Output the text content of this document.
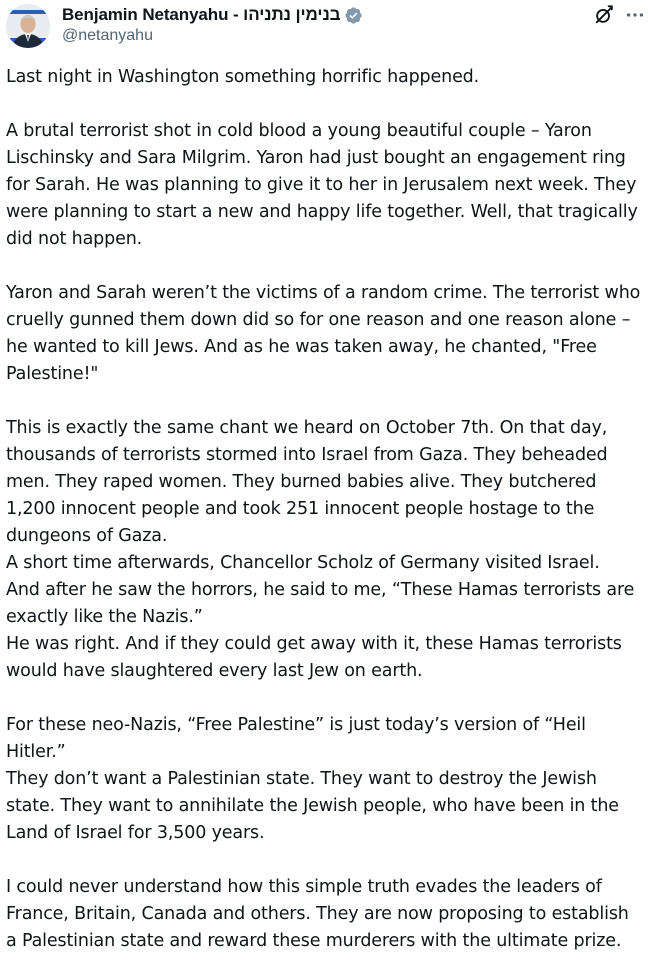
Benjamin Netanyahu - בנימין נתניהו
@netanyahu

Last night in Washington something horrific happened.

A brutal terrorist shot in cold blood a young beautiful couple – Yaron
Lischinsky and Sara Milgrim. Yaron had just bought an engagement ring
for Sarah. He was planning to give it to her in Jerusalem next week. They
were planning to start a new and happy life together. Well, that tragically
did not happen.

Yaron and Sarah weren’t the victims of a random crime. The terrorist who
cruelly gunned them down did so for one reason and one reason alone –
he wanted to kill Jews. And as he was taken away, he chanted, "Free
Palestine!"

This is exactly the same chant we heard on October 7th. On that day,
thousands of terrorists stormed into Israel from Gaza. They beheaded
men. They raped women. They burned babies alive. They butchered
1,200 innocent people and took 251 innocent people hostage to the
dungeons of Gaza.
A short time afterwards, Chancellor Scholz of Germany visited Israel.
And after he saw the horrors, he said to me, “These Hamas terrorists are
exactly like the Nazis.”
He was right. And if they could get away with it, these Hamas terrorists
would have slaughtered every last Jew on earth.

For these neo-Nazis, “Free Palestine” is just today’s version of “Heil
Hitler.”
They don’t want a Palestinian state. They want to destroy the Jewish
state. They want to annihilate the Jewish people, who have been in the
Land of Israel for 3,500 years.

I could never understand how this simple truth evades the leaders of
France, Britain, Canada and others. They are now proposing to establish
a Palestinian state and reward these murderers with the ultimate prize.
